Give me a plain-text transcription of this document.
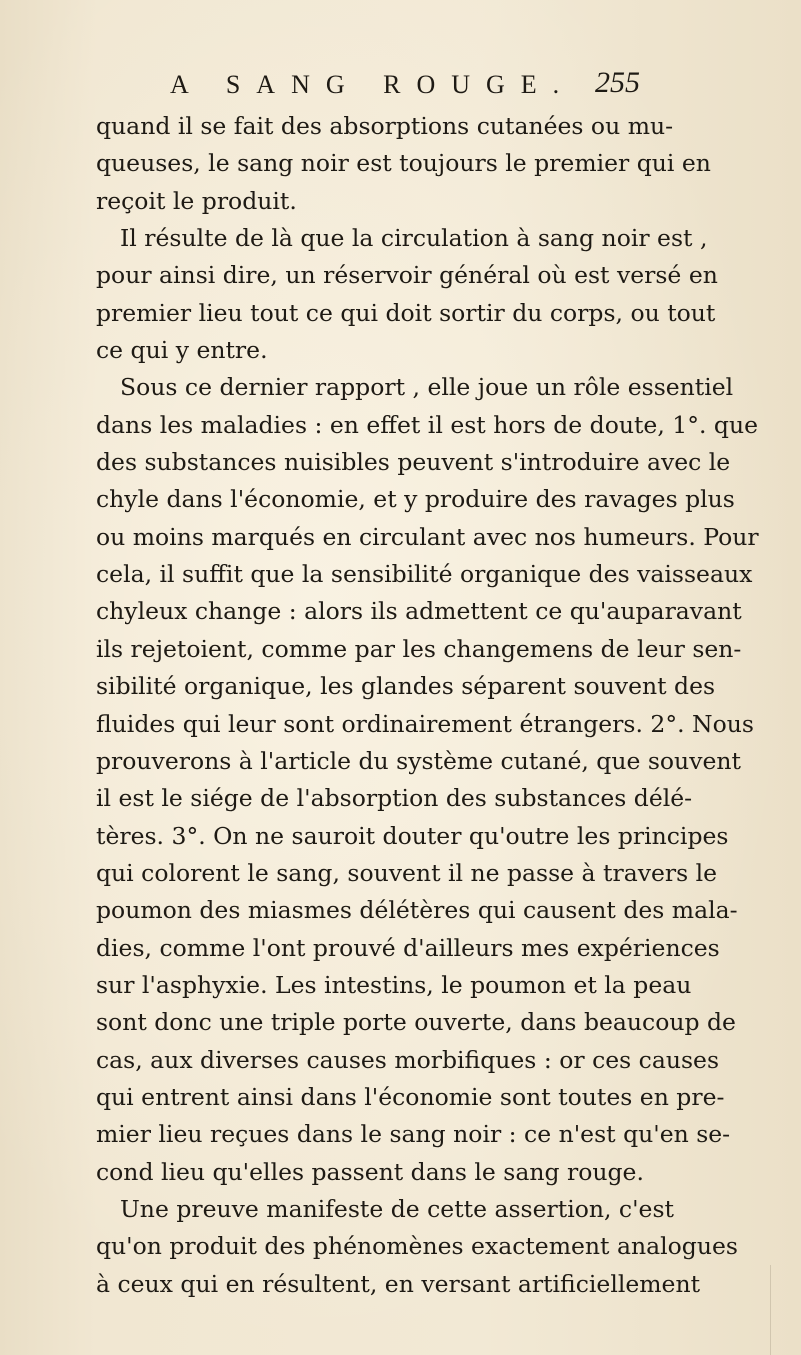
A SANG ROUGE. 255
quand il se fait des absorptions cutanées ou mu-
queuses, le sang noir est toujours le premier qui en
reçoit le produit.
Il résulte de là que la circulation à sang noir est ,
pour ainsi dire, un réservoir général où est versé en
premier lieu tout ce qui doit sortir du corps, ou tout
ce qui y entre.
Sous ce dernier rapport , elle joue un rôle essentiel
dans les maladies : en effet il est hors de doute, 1°. que
des substances nuisibles peuvent s'introduire avec le
chyle dans l'économie, et y produire des ravages plus
ou moins marqués en circulant avec nos humeurs. Pour
cela, il suffit que la sensibilité organique des vaisseaux
chyleux change : alors ils admettent ce qu'auparavant
ils rejetoient, comme par les changemens de leur sen-
sibilité organique, les glandes séparent souvent des
fluides qui leur sont ordinairement étrangers. 2°. Nous
prouverons à l'article du système cutané, que souvent
il est le siége de l'absorption des substances délé-
tères. 3°. On ne sauroit douter qu'outre les principes
qui colorent le sang, souvent il ne passe à travers le
poumon des miasmes délétères qui causent des mala-
dies, comme l'ont prouvé d'ailleurs mes expériences
sur l'asphyxie. Les intestins, le poumon et la peau
sont donc une triple porte ouverte, dans beaucoup de
cas, aux diverses causes morbifiques : or ces causes
qui entrent ainsi dans l'économie sont toutes en pre-
mier lieu reçues dans le sang noir : ce n'est qu'en se-
cond lieu qu'elles passent dans le sang rouge.
Une preuve manifeste de cette assertion, c'est
qu'on produit des phénomènes exactement analogues
à ceux qui en résultent, en versant artificiellement
